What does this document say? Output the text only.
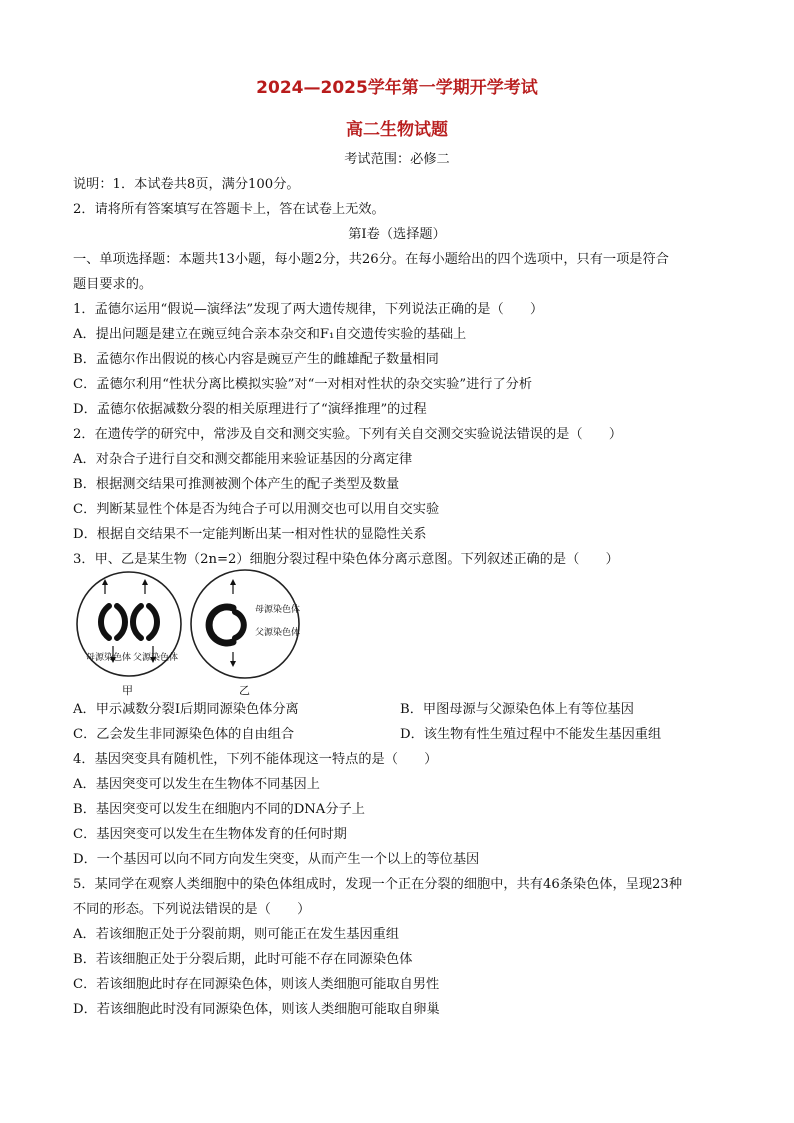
2024—2025学年第一学期开学考试
高二生物试题
考试范围：必修二
说明：1．本试卷共8页，满分100分。
2．请将所有答案填写在答题卡上，答在试卷上无效。
第Ⅰ卷（选择题）
一、单项选择题：本题共13小题，每小题2分，共26分。在每小题给出的四个选项中，只有一项是符合
题目要求的。
1．孟德尔运用“假说—演绎法”发现了两大遗传规律，下列说法正确的是（　　）
A．提出问题是建立在豌豆纯合亲本杂交和F₁自交遗传实验的基础上
B．孟德尔作出假说的核心内容是豌豆产生的雌雄配子数量相同
C．孟德尔利用“性状分离比模拟实验”对“一对相对性状的杂交实验”进行了分析
D．孟德尔依据减数分裂的相关原理进行了“演绎推理”的过程
2．在遗传学的研究中，常涉及自交和测交实验。下列有关自交测交实验说法错误的是（　　）
A．对杂合子进行自交和测交都能用来验证基因的分离定律
B．根据测交结果可推测被测个体产生的配子类型及数量
C．判断某显性个体是否为纯合子可以用测交也可以用自交实验
D．根据自交结果不一定能判断出某一相对性状的显隐性关系
3．甲、乙是某生物（2n=2）细胞分裂过程中染色体分离示意图。下列叙述正确的是（　　）
母源染色体 父源染色体
母源染色体
父源染色体
甲	乙
A．甲示减数分裂Ⅰ后期同源染色体分离	B．甲图母源与父源染色体上有等位基因
C．乙会发生非同源染色体的自由组合	D．该生物有性生殖过程中不能发生基因重组
4．基因突变具有随机性，下列不能体现这一特点的是（　　）
A．基因突变可以发生在生物体不同基因上
B．基因突变可以发生在细胞内不同的DNA分子上
C．基因突变可以发生在生物体发育的任何时期
D．一个基因可以向不同方向发生突变，从而产生一个以上的等位基因
5．某同学在观察人类细胞中的染色体组成时，发现一个正在分裂的细胞中，共有46条染色体，呈现23种
不同的形态。下列说法错误的是（　　）
A．若该细胞正处于分裂前期，则可能正在发生基因重组
B．若该细胞正处于分裂后期，此时可能不存在同源染色体
C．若该细胞此时存在同源染色体，则该人类细胞可能取自男性
D．若该细胞此时没有同源染色体，则该人类细胞可能取自卵巢
